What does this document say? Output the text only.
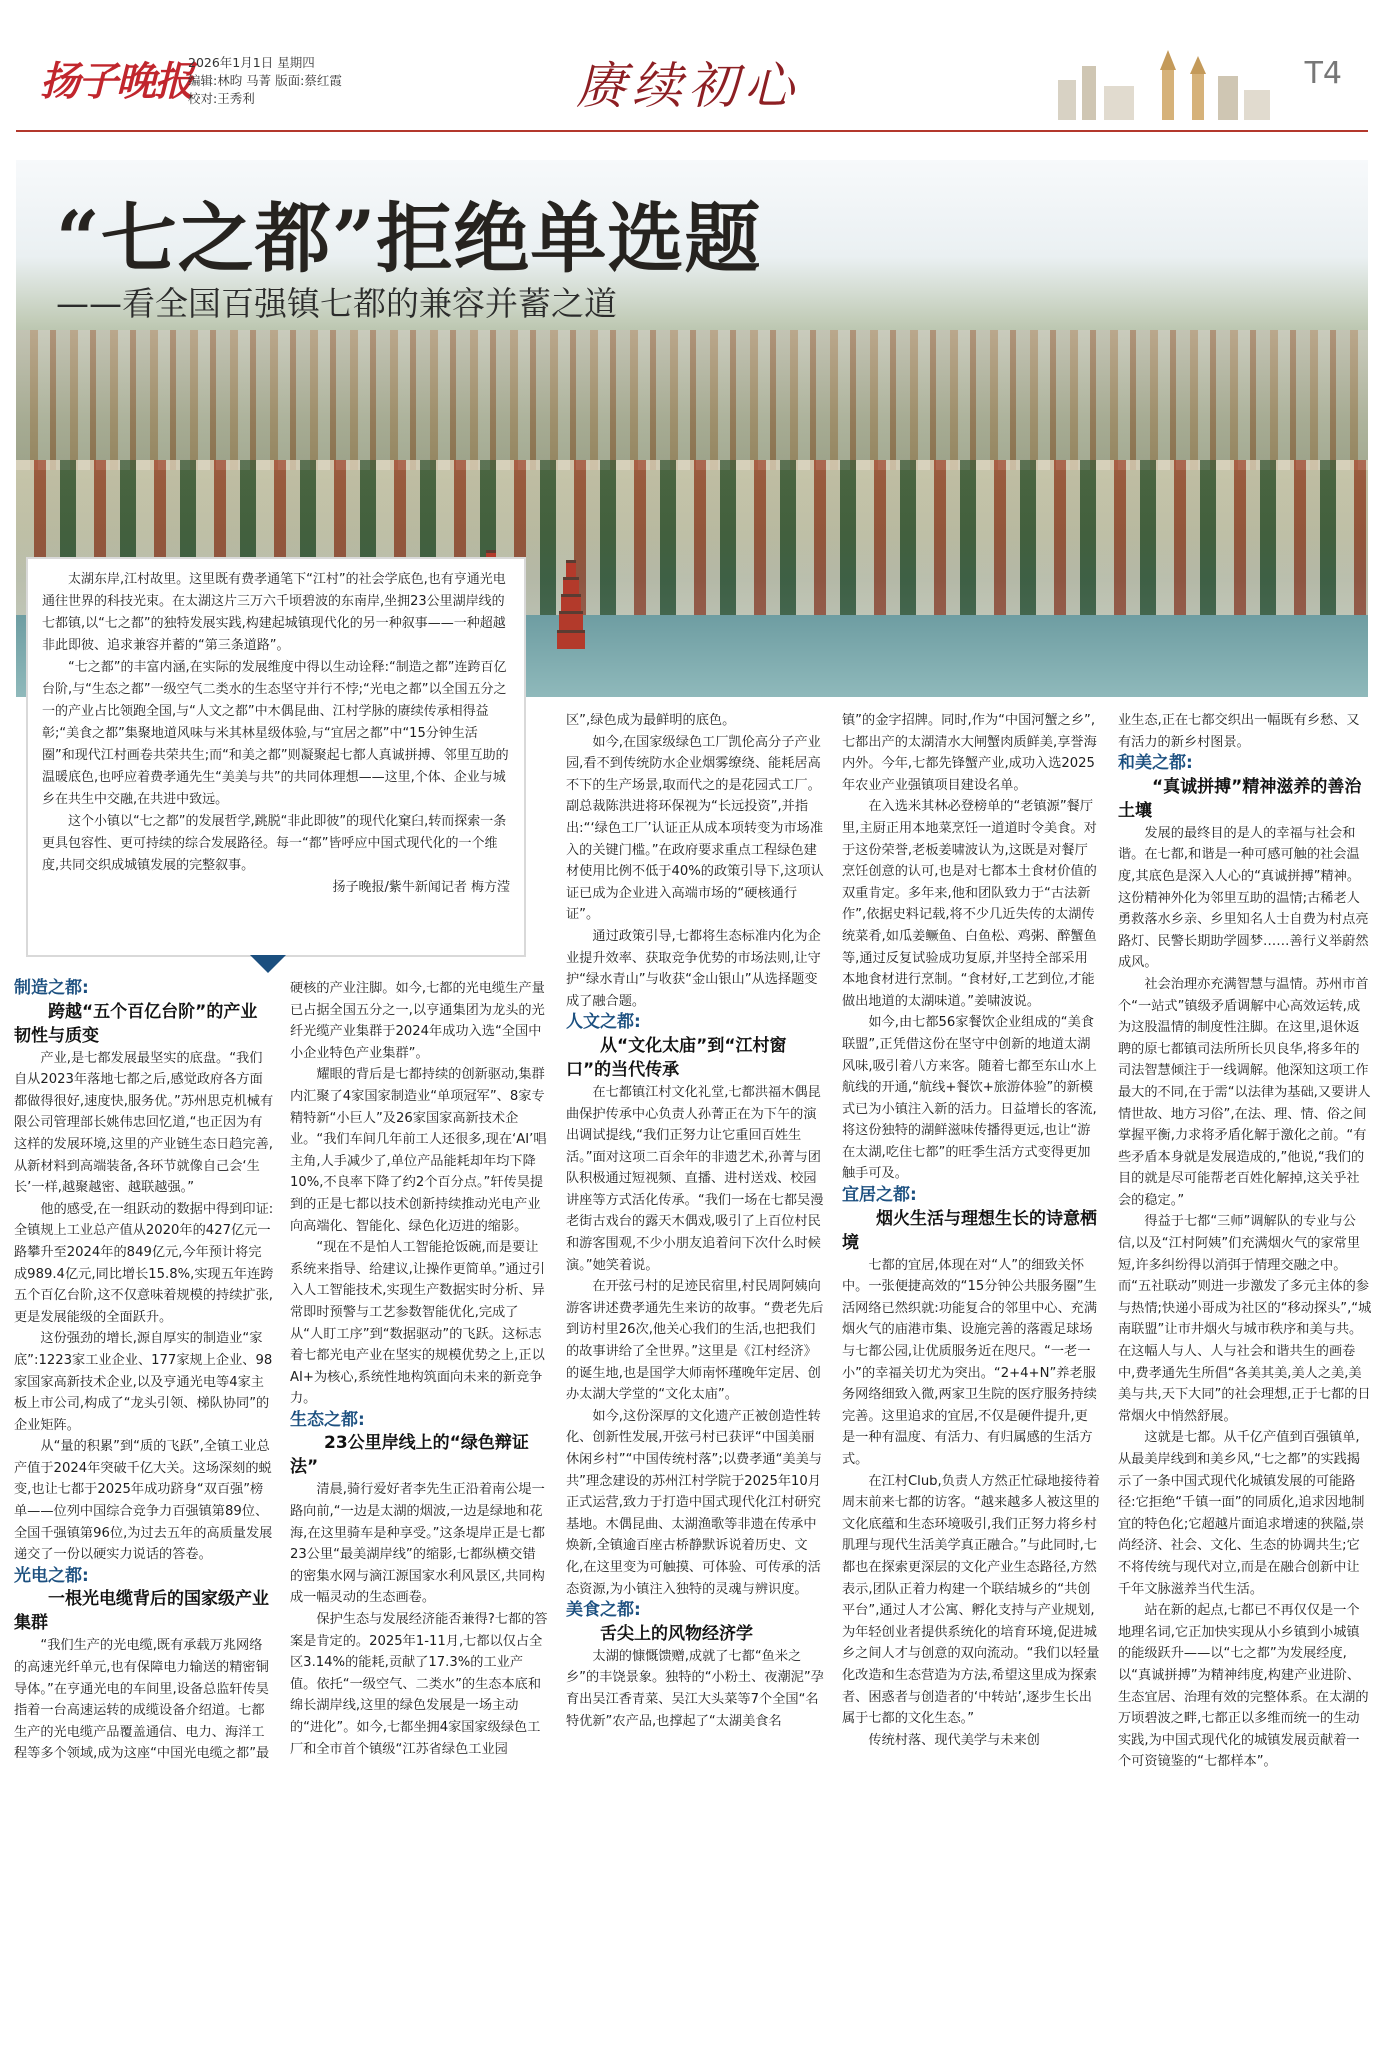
扬子晚报
2026年1月1日 星期四
编辑:林昀 马菁 版面:蔡红霞
校对:王秀利	赓续初心	T4
“七之都”拒绝单选题
——看全国百强镇七都的兼容并蓄之道

太湖东岸,江村故里。这里既有费孝通笔下“江村”的社会学底色,也有亨通光电通往世界的科技光束。在太湖这片三万六千顷碧波的东南岸,坐拥23公里湖岸线的七都镇,以“七之都”的独特发展实践,构建起城镇现代化的另一种叙事——一种超越非此即彼、追求兼容并蓄的“第三条道路”。

“七之都”的丰富内涵,在实际的发展维度中得以生动诠释:“制造之都”连跨百亿台阶,与“生态之都”一级空气二类水的生态坚守并行不悖;“光电之都”以全国五分之一的产业占比领跑全国,与“人文之都”中木偶昆曲、江村学脉的赓续传承相得益彰;“美食之都”集聚地道风味与米其林星级体验,与“宜居之都”中“15分钟生活圈”和现代江村画卷共荣共生;而“和美之都”则凝聚起七都人真诚拼搏、邻里互助的温暖底色,也呼应着费孝通先生“美美与共”的共同体理想——这里,个体、企业与城乡在共生中交融,在共进中致远。

这个小镇以“七之都”的发展哲学,跳脱“非此即彼”的现代化窠臼,转而探索一条更具包容性、更可持续的综合发展路径。每一“都”皆呼应中国式现代化的一个维度,共同交织成城镇发展的完整叙事。

扬子晚报/紫牛新闻记者 梅方滢

制造之都:

跨越“五个百亿台阶”的产业韧性与质变

产业,是七都发展最坚实的底盘。“我们自从2023年落地七都之后,感觉政府各方面都做得很好,速度快,服务优。”苏州思克机械有限公司管理部长姚伟忠回忆道,“也正因为有这样的发展环境,这里的产业链生态日趋完善,从新材料到高端装备,各环节就像自己会‘生长’一样,越聚越密、越联越强。”

他的感受,在一组跃动的数据中得到印证:全镇规上工业总产值从2020年的427亿元一路攀升至2024年的849亿元,今年预计将完成989.4亿元,同比增长15.8%,实现五年连跨五个百亿台阶,这不仅意味着规模的持续扩张,更是发展能级的全面跃升。

这份强劲的增长,源自厚实的制造业“家底”:1223家工业企业、177家规上企业、98家国家高新技术企业,以及亨通光电等4家主板上市公司,构成了“龙头引领、梯队协同”的企业矩阵。

从“量的积累”到“质的飞跃”,全镇工业总产值于2024年突破千亿大关。这场深刻的蜕变,也让七都于2025年成功跻身“双百强”榜单——位列中国综合竞争力百强镇第89位、全国千强镇第96位,为过去五年的高质量发展递交了一份以硬实力说话的答卷。

光电之都:

一根光电缆背后的国家级产业集群

“我们生产的光电缆,既有承载万兆网络的高速光纤单元,也有保障电力输送的精密铜导体。”在亨通光电的车间里,设备总监轩传昊指着一台高速运转的成缆设备介绍道。七都生产的光电缆产品覆盖通信、电力、海洋工程等多个领域,成为这座“中国光电缆之都”最

硬核的产业注脚。如今,七都的光电缆生产量已占据全国五分之一,以亨通集团为龙头的光纤光缆产业集群于2024年成功入选“全国中小企业特色产业集群”。

耀眼的背后是七都持续的创新驱动,集群内汇聚了4家国家制造业“单项冠军”、8家专精特新“小巨人”及26家国家高新技术企业。“我们车间几年前工人还很多,现在‘AI’唱主角,人手减少了,单位产品能耗却年均下降10%,不良率下降了约2个百分点。”轩传昊提到的正是七都以技术创新持续推动光电产业向高端化、智能化、绿色化迈进的缩影。

“现在不是怕人工智能抢饭碗,而是要让系统来指导、给建议,让操作更简单。”通过引入人工智能技术,实现生产数据实时分析、异常即时预警与工艺参数智能优化,完成了从“人盯工序”到“数据驱动”的飞跃。这标志着七都光电产业在坚实的规模优势之上,正以AI+为核心,系统性地构筑面向未来的新竞争力。

生态之都:

23公里岸线上的“绿色辩证法”

清晨,骑行爱好者李先生正沿着南公堤一路向前,“一边是太湖的烟波,一边是绿地和花海,在这里骑车是种享受。”这条堤岸正是七都23公里“最美湖岸线”的缩影,七都纵横交错的密集水网与滴江源国家水利风景区,共同构成一幅灵动的生态画卷。

保护生态与发展经济能否兼得?七都的答案是肯定的。2025年1-11月,七都以仅占全区3.14%的能耗,贡献了17.3%的工业产值。依托“一级空气、二类水”的生态本底和绵长湖岸线,这里的绿色发展是一场主动的“进化”。如今,七都坐拥4家国家级绿色工厂和全市首个镇级“江苏省绿色工业园

区”,绿色成为最鲜明的底色。

如今,在国家级绿色工厂凯伦高分子产业园,看不到传统防水企业烟雾缭绕、能耗居高不下的生产场景,取而代之的是花园式工厂。副总裁陈洪进将环保视为“长远投资”,并指出:“‘绿色工厂’认证正从成本项转变为市场准入的关键门槛。”在政府要求重点工程绿色建材使用比例不低于40%的政策引导下,这项认证已成为企业进入高端市场的“硬核通行证”。

通过政策引导,七都将生态标准内化为企业提升效率、获取竞争优势的市场法则,让守护“绿水青山”与收获“金山银山”从选择题变成了融合题。

人文之都:

从“文化太庙”到“江村窗口”的当代传承

在七都镇江村文化礼堂,七都洪福木偶昆曲保护传承中心负责人孙菁正在为下午的演出调试提线,“我们正努力让它重回百姓生活。”面对这项二百余年的非遗艺术,孙菁与团队积极通过短视频、直播、进村送戏、校园讲座等方式活化传承。“我们一场在七都吴漫老街古戏台的露天木偶戏,吸引了上百位村民和游客围观,不少小朋友追着问下次什么时候演。”她笑着说。

在开弦弓村的足迹民宿里,村民周阿姨向游客讲述费孝通先生来访的故事。“费老先后到访村里26次,他关心我们的生活,也把我们的故事讲给了全世界。”这里是《江村经济》的诞生地,也是国学大师南怀瑾晚年定居、创办太湖大学堂的“文化太庙”。

如今,这份深厚的文化遗产正被创造性转化、创新性发展,开弦弓村已获评“中国美丽休闲乡村”“中国传统村落”;以费孝通“美美与共”理念建设的苏州江村学院于2025年10月正式运营,致力于打造中国式现代化江村研究基地。木偶昆曲、太湖渔歌等非遗在传承中焕新,全镇逾百座古桥静默诉说着历史、文化,在这里变为可触摸、可体验、可传承的活态资源,为小镇注入独特的灵魂与辨识度。

美食之都:

舌尖上的风物经济学

太湖的慷慨馈赠,成就了七都“鱼米之乡”的丰饶景象。独特的“小粉土、夜潮泥”孕育出吴江香青菜、吴江大头菜等7个全国“名特优新”农产品,也撑起了“太湖美食名

镇”的金字招牌。同时,作为“中国河蟹之乡”,七都出产的太湖清水大闸蟹肉质鲜美,享誉海内外。今年,七都先锋蟹产业,成功入选2025年农业产业强镇项目建设名单。

在入选米其林必登榜单的“老镇源”餐厅里,主厨正用本地菜烹饪一道道时令美食。对于这份荣誉,老板姜啸波认为,这既是对餐厅烹饪创意的认可,也是对七都本土食材价值的双重肯定。多年来,他和团队致力于“古法新作”,依据史料记载,将不少几近失传的太湖传统菜肴,如瓜姜鳜鱼、白鱼松、鸡粥、醉蟹鱼等,通过反复试验成功复原,并坚持全部采用本地食材进行烹制。“食材好,工艺到位,才能做出地道的太湖味道。”姜啸波说。

如今,由七都56家餐饮企业组成的“美食联盟”,正凭借这份在坚守中创新的地道太湖风味,吸引着八方来客。随着七都至东山水上航线的开通,“航线+餐饮+旅游体验”的新模式已为小镇注入新的活力。日益增长的客流,将这份独特的湖鲜滋味传播得更远,也让“游在太湖,吃住七都”的旺季生活方式变得更加触手可及。

宜居之都:

烟火生活与理想生长的诗意栖境

七都的宜居,体现在对“人”的细致关怀中。一张便捷高效的“15分钟公共服务圈”生活网络已然织就:功能复合的邻里中心、充满烟火气的庙港市集、设施完善的落霞足球场与七都公园,让优质服务近在咫尺。“一老一小”的幸福关切尤为突出。“2+4+N”养老服务网络细致入微,两家卫生院的医疗服务持续完善。这里追求的宜居,不仅是硬件提升,更是一种有温度、有活力、有归属感的生活方式。

在江村Club,负责人方然正忙碌地接待着周末前来七都的访客。“越来越多人被这里的文化底蕴和生态环境吸引,我们正努力将乡村肌理与现代生活美学真正融合。”与此同时,七都也在探索更深层的文化产业生态路径,方然表示,团队正着力构建一个联结城乡的“共创平台”,通过人才公寓、孵化支持与产业规划,为年轻创业者提供系统化的培育环境,促进城乡之间人才与创意的双向流动。“我们以轻量化改造和生态营造为方法,希望这里成为探索者、困惑者与创造者的‘中转站’,逐步生长出属于七都的文化生态。”

传统村落、现代美学与未来创

业生态,正在七都交织出一幅既有乡愁、又有活力的新乡村图景。

和美之都:

“真诚拼搏”精神滋养的善治土壤

发展的最终目的是人的幸福与社会和谐。在七都,和谐是一种可感可触的社会温度,其底色是深入人心的“真诚拼搏”精神。这份精神外化为邻里互助的温情;古稀老人勇救落水乡亲、乡里知名人士自费为村点亮路灯、民警长期助学圆梦……善行义举蔚然成风。

社会治理亦充满智慧与温情。苏州市首个“一站式”镇级矛盾调解中心高效运转,成为这股温情的制度性注脚。在这里,退休返聘的原七都镇司法所所长贝良华,将多年的司法智慧倾注于一线调解。他深知这项工作最大的不同,在于需“以法律为基础,又要讲人情世故、地方习俗”,在法、理、情、俗之间掌握平衡,力求将矛盾化解于激化之前。“有些矛盾本身就是发展造成的,”他说,“我们的目的就是尽可能帮老百姓化解掉,这关乎社会的稳定。”

得益于七都“三师”调解队的专业与公信,以及“江村阿姨”们充满烟火气的家常里短,许多纠纷得以消弭于情理交融之中。而“五社联动”则进一步激发了多元主体的参与热情;快递小哥成为社区的“移动探头”,“城南联盟”让市井烟火与城市秩序和美与共。在这幅人与人、人与社会和谐共生的画卷中,费孝通先生所倡“各美其美,美人之美,美美与共,天下大同”的社会理想,正于七都的日常烟火中悄然舒展。

这就是七都。从千亿产值到百强镇单,从最美岸线到和美乡风,“七之都”的实践揭示了一条中国式现代化城镇发展的可能路径:它拒绝“千镇一面”的同质化,追求因地制宜的特色化;它超越片面追求增速的狭隘,崇尚经济、社会、文化、生态的协调共生;它不将传统与现代对立,而是在融合创新中让千年文脉滋养当代生活。

站在新的起点,七都已不再仅仅是一个地理名词,它正加快实现从小乡镇到小城镇的能级跃升——以“七之都”为发展经度,以“真诚拼搏”为精神纬度,构建产业进阶、生态宜居、治理有效的完整体系。在太湖的万顷碧波之畔,七都正以多维而统一的生动实践,为中国式现代化的城镇发展贡献着一个可资镜鉴的“七都样本”。
